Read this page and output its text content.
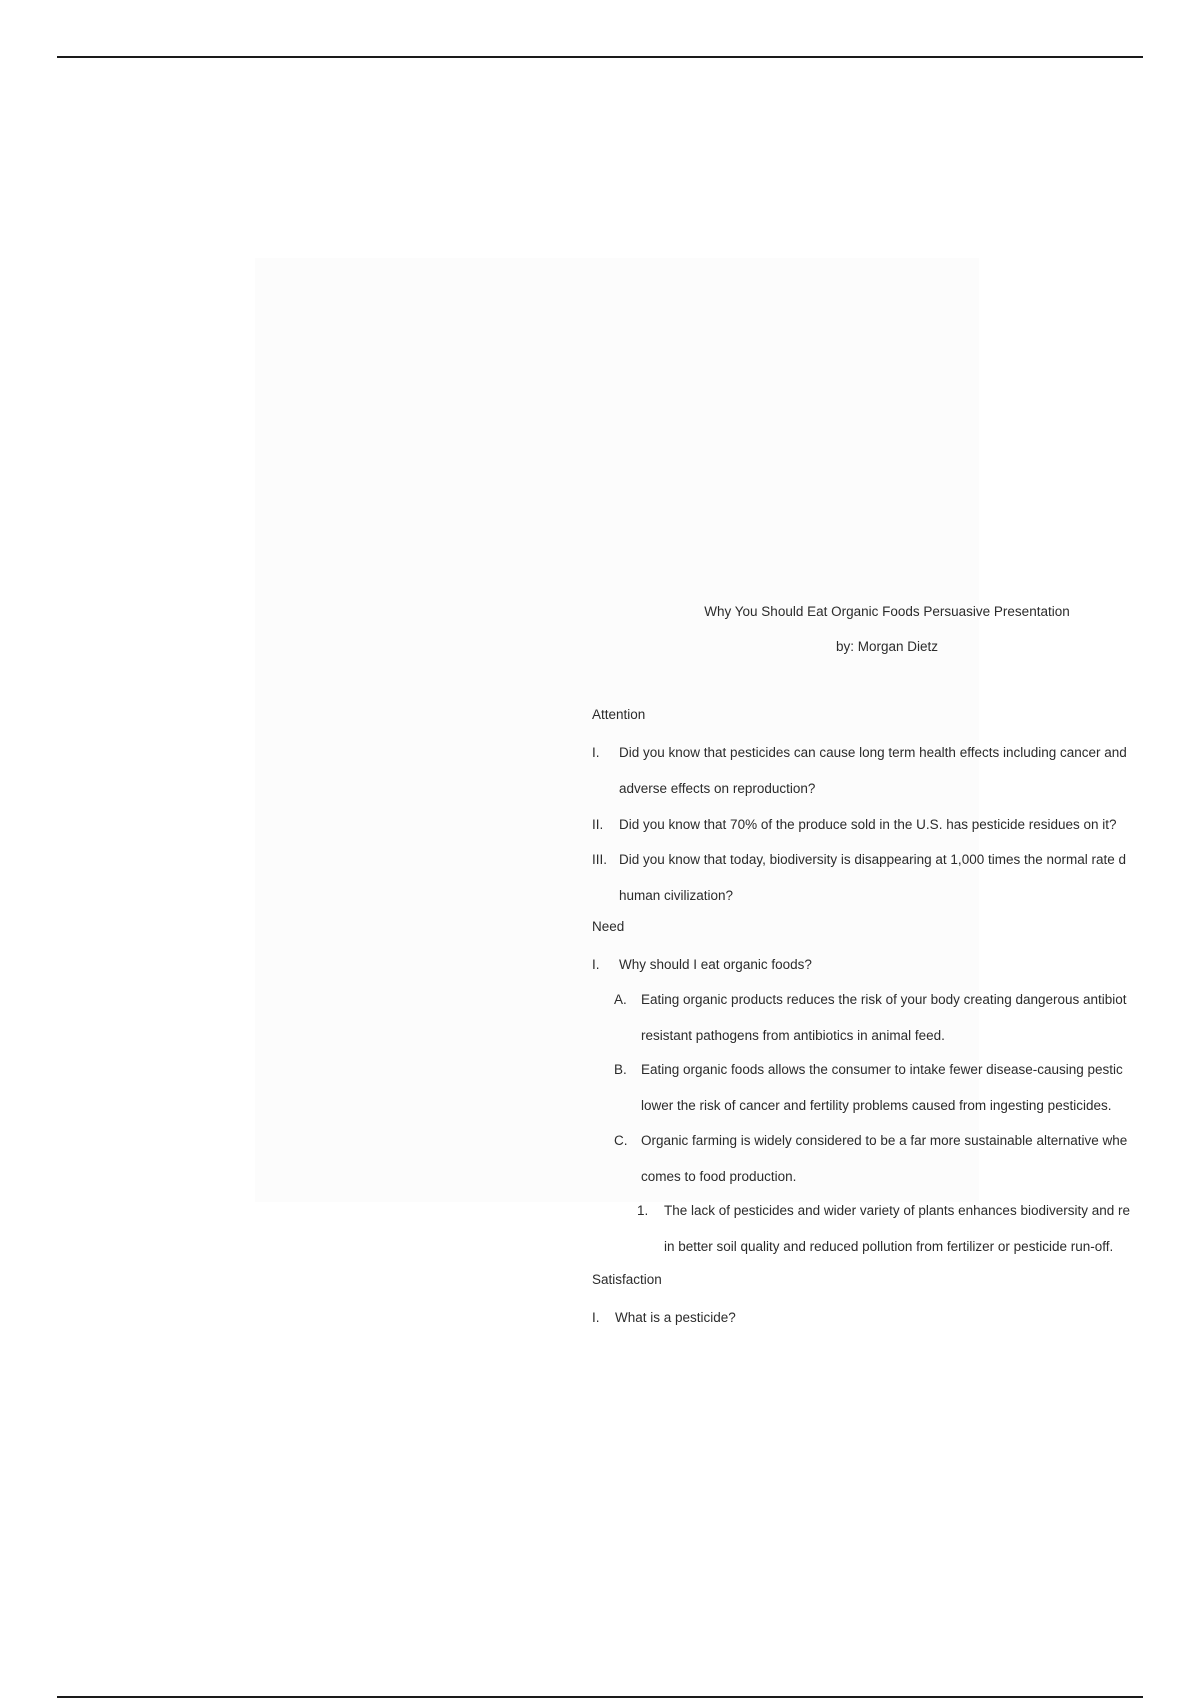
Why You Should Eat Organic Foods Persuasive Presentation
by: Morgan Dietz
Attention
I. Did you know that pesticides can cause long term health effects including cancer and
adverse effects on reproduction?
II. Did you know that 70% of the produce sold in the U.S. has pesticide residues on it?
III. Did you know that today, biodiversity is disappearing at 1,000 times the normal rate d
human civilization?
Need
I. Why should I eat organic foods?
A. Eating organic products reduces the risk of your body creating dangerous antibiot
resistant pathogens from antibiotics in animal feed.
B. Eating organic foods allows the consumer to intake fewer disease-causing pestic
lower the risk of cancer and fertility problems caused from ingesting pesticides.
C. Organic farming is widely considered to be a far more sustainable alternative whe
comes to food production.
1. The lack of pesticides and wider variety of plants enhances biodiversity and re
in better soil quality and reduced pollution from fertilizer or pesticide run-off.
Satisfaction
I. What is a pesticide?
